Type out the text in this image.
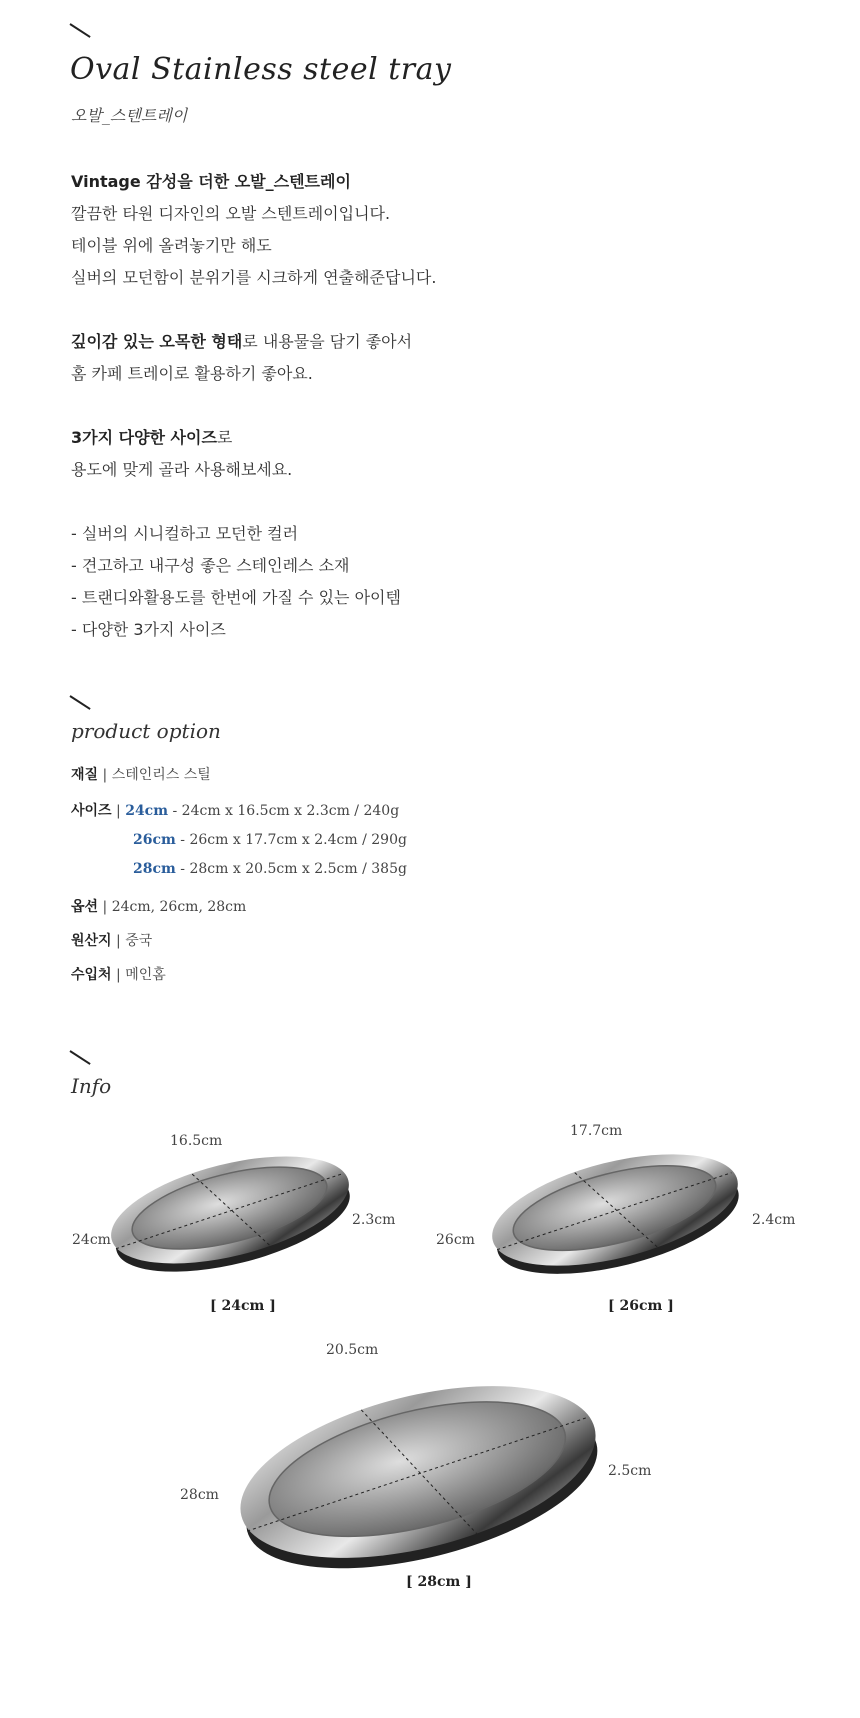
Oval Stainless steel tray
오발_스텐트레이
Vintage 감성을 더한 오발_스텐트레이
깔끔한 타원 디자인의 오발 스텐트레이입니다.
테이블 위에 올려놓기만 해도
실버의 모던함이 분위기를 시크하게 연출해준답니다.
깊이감 있는 오목한 형태로 내용물을 담기 좋아서
홈 카페 트레이로 활용하기 좋아요.
3가지 다양한 사이즈로
용도에 맞게 골라 사용해보세요.
- 실버의 시니컬하고 모던한 컬러
- 견고하고 내구성 좋은 스테인레스 소재
- 트랜디와활용도를 한번에 가질 수 있는 아이템
- 다양한 3가지 사이즈
product option
재질 | 스테인리스 스틸
사이즈 | 24cm - 24cm x 16.5cm x 2.3cm / 240g
26cm - 26cm x 17.7cm x 2.4cm / 290g
28cm - 28cm x 20.5cm x 2.5cm / 385g
옵션 | 24cm, 26cm, 28cm
원산지 | 중국
수입처 | 메인홈
Info
16.5cm
24cm
2.3cm
[ 24cm ]
17.7cm
26cm
2.4cm
[ 26cm ]
20.5cm
28cm
2.5cm
[ 28cm ]
